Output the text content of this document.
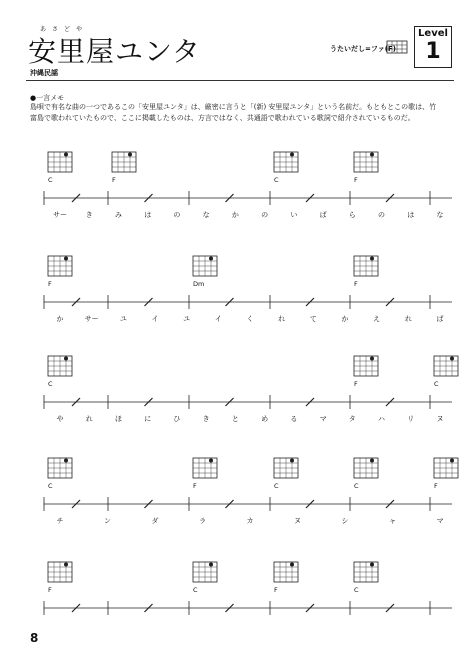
あさどや
安里屋ユンタ
沖縄民謡
うたいだし=ファ(F)
Level
1
●一言メモ
島唄で有名な曲の一つであるこの「安里屋ユンタ」は、厳密に言うと「(新) 安里屋ユンタ」という名前だ。もともとこの歌は、竹富島で歌われていたもので、ここに掲載したものは、方言ではなく、共通語で歌われている歌詞で紹介されているものだ。
C	F	C	F
サー	き	み	は	の	な	か	の	い	ば	ら	の	は	な
F	Dm	F
か	サー	ユ	イ	ユ	イ	く	れ	て	か	え	れ	ば
C	F	C
や	れ	ほ	に	ひ	き	と	め	る	マ	タ	ハ	リ	ヌ
C	F	C	C	F
チ	ン	ダ	ラ	カ	ヌ	シ	ャ	マ
F	C	F	C
8
